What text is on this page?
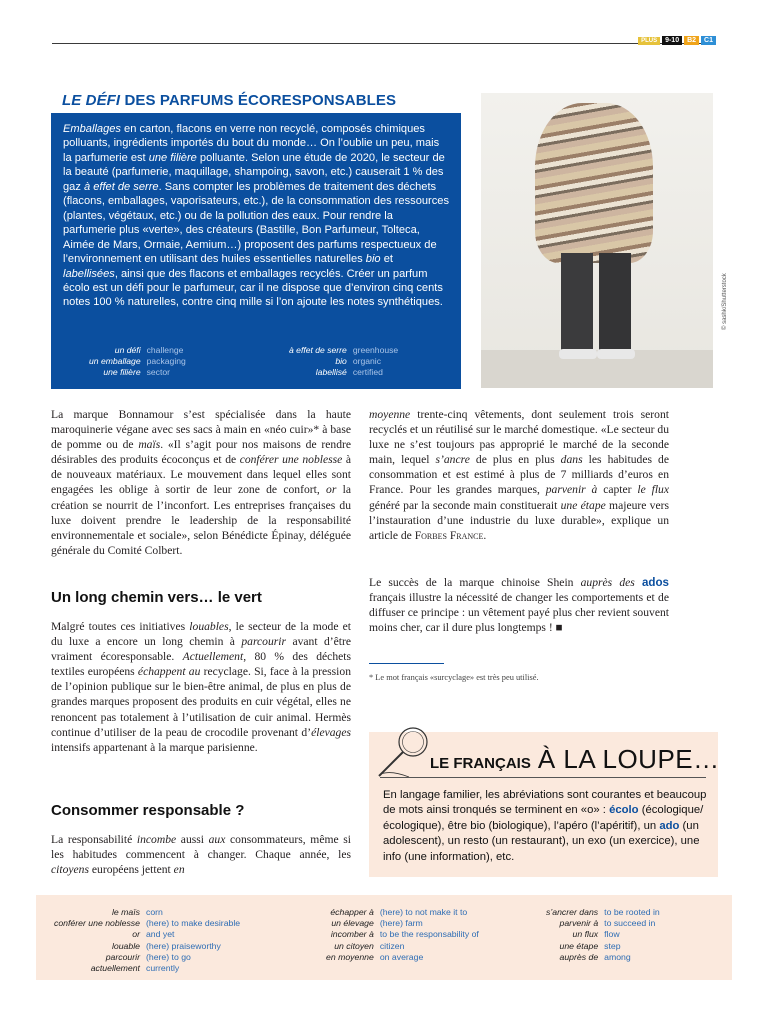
PLUS	9-10	B2	C1
LE DÉFI DES PARFUMS ÉCORESPONSABLES

Emballages en carton, flacons en verre non recyclé, composés chimiques polluants, ingrédients importés du bout du monde… On l’oublie un peu, mais la parfumerie est une filière polluante. Selon une étude de 2020, le secteur de la beauté (parfumerie, maquillage, shampoing, savon, etc.) causerait 1 % des gaz à effet de serre. Sans compter les problèmes de traitement des déchets (flacons, emballages, vaporisateurs, etc.), de la consommation des ressources (plantes, végétaux, etc.) ou de la pollution des eaux. Pour rendre la parfumerie plus «verte», des créateurs (Bastille, Bon Parfumeur, Tolteca, Aimée de Mars, Ormaie, Aemium…) proposent des parfums respectueux de l’environnement en utilisant des huiles essentielles naturelles bio et labellisées, ainsi que des flacons et emballages recyclés. Créer un parfum écolo est un défi pour le parfumeur, car il ne dispose que d’environ cinq cents notes 100 % naturelles, contre cinq mille si l’on ajoute les notes synthétiques.

un défi challenge
un emballage packaging
une filière sector
à effet de serre greenhouse
bio organic
labellisé certified
© sashk/Shutterstock

La marque Bonnamour s’est spécialisée dans la haute maroquinerie végane avec ses sacs à main en «néo cuir»* à base de pomme ou de maïs. «Il s’agit pour nos maisons de rendre désirables des produits écoconçus et de conférer une noblesse à de nouveaux matériaux. Le mouvement dans lequel elles sont engagées les oblige à sortir de leur zone de confort, or la création se nourrit de l’inconfort. Les entreprises françaises du luxe doivent prendre le leadership de la responsabilité environnementale et sociale», selon Bénédicte Épinay, déléguée générale du Comité Colbert.

Un long chemin vers… le vert

Malgré toutes ces initiatives louables, le secteur de la mode et du luxe a encore un long chemin à parcourir avant d’être vraiment écoresponsable. Actuellement, 80 % des déchets textiles européens échappent au recyclage. Si, face à la pression de l’opinion publique sur le bien-être animal, de plus en plus de grandes marques proposent des produits en cuir végétal, elles ne renoncent pas totalement à l’utilisation de cuir animal. Hermès continue d’utiliser de la peau de crocodile provenant d’élevages intensifs appartenant à la marque parisienne.

Consommer responsable ?

La responsabilité incombe aussi aux consommateurs, même si les habitudes commencent à changer. Chaque année, les citoyens européens jettent en

moyenne trente-cinq vêtements, dont seulement trois seront recyclés et un réutilisé sur le marché domestique. «Le secteur du luxe ne s’est toujours pas approprié le marché de la seconde main, lequel s’ancre de plus en plus dans les habitudes de consommation et est estimé à plus de 7 milliards d’euros en France. Pour les grandes marques, parvenir à capter le flux généré par la seconde main constituerait une étape majeure vers l’instauration d’une industrie du luxe durable», explique un article de Forbes France.

Le succès de la marque chinoise Shein auprès des ados français illustre la nécessité de changer les comportements et de diffuser ce principe : un vêtement payé plus cher revient souvent moins cher, car il dure plus longtemps ! ■

* Le mot français «surcyclage» est très peu utilisé.

LE FRANÇAIS À LA LOUPE…

En langage familier, les abréviations sont courantes et beaucoup de mots ainsi tronqués se terminent en «o» : écolo (écologique/écologique), être bio (biologique), l’apéro (l’apéritif), un ado (un adolescent), un resto (un restaurant), un exo (un exercice), une info (une information), etc.

le maïs corn
conférer une noblesse (here) to make desirable
or and yet
louable (here) praiseworthy
parcourir (here) to go
actuellement currently
échapper à (here) to not make it to
un élevage (here) farm
incomber à to be the responsability of
un citoyen citizen
en moyenne on average
s’ancrer dans to be rooted in
parvenir à to succeed in
un flux flow
une étape step
auprès de among
